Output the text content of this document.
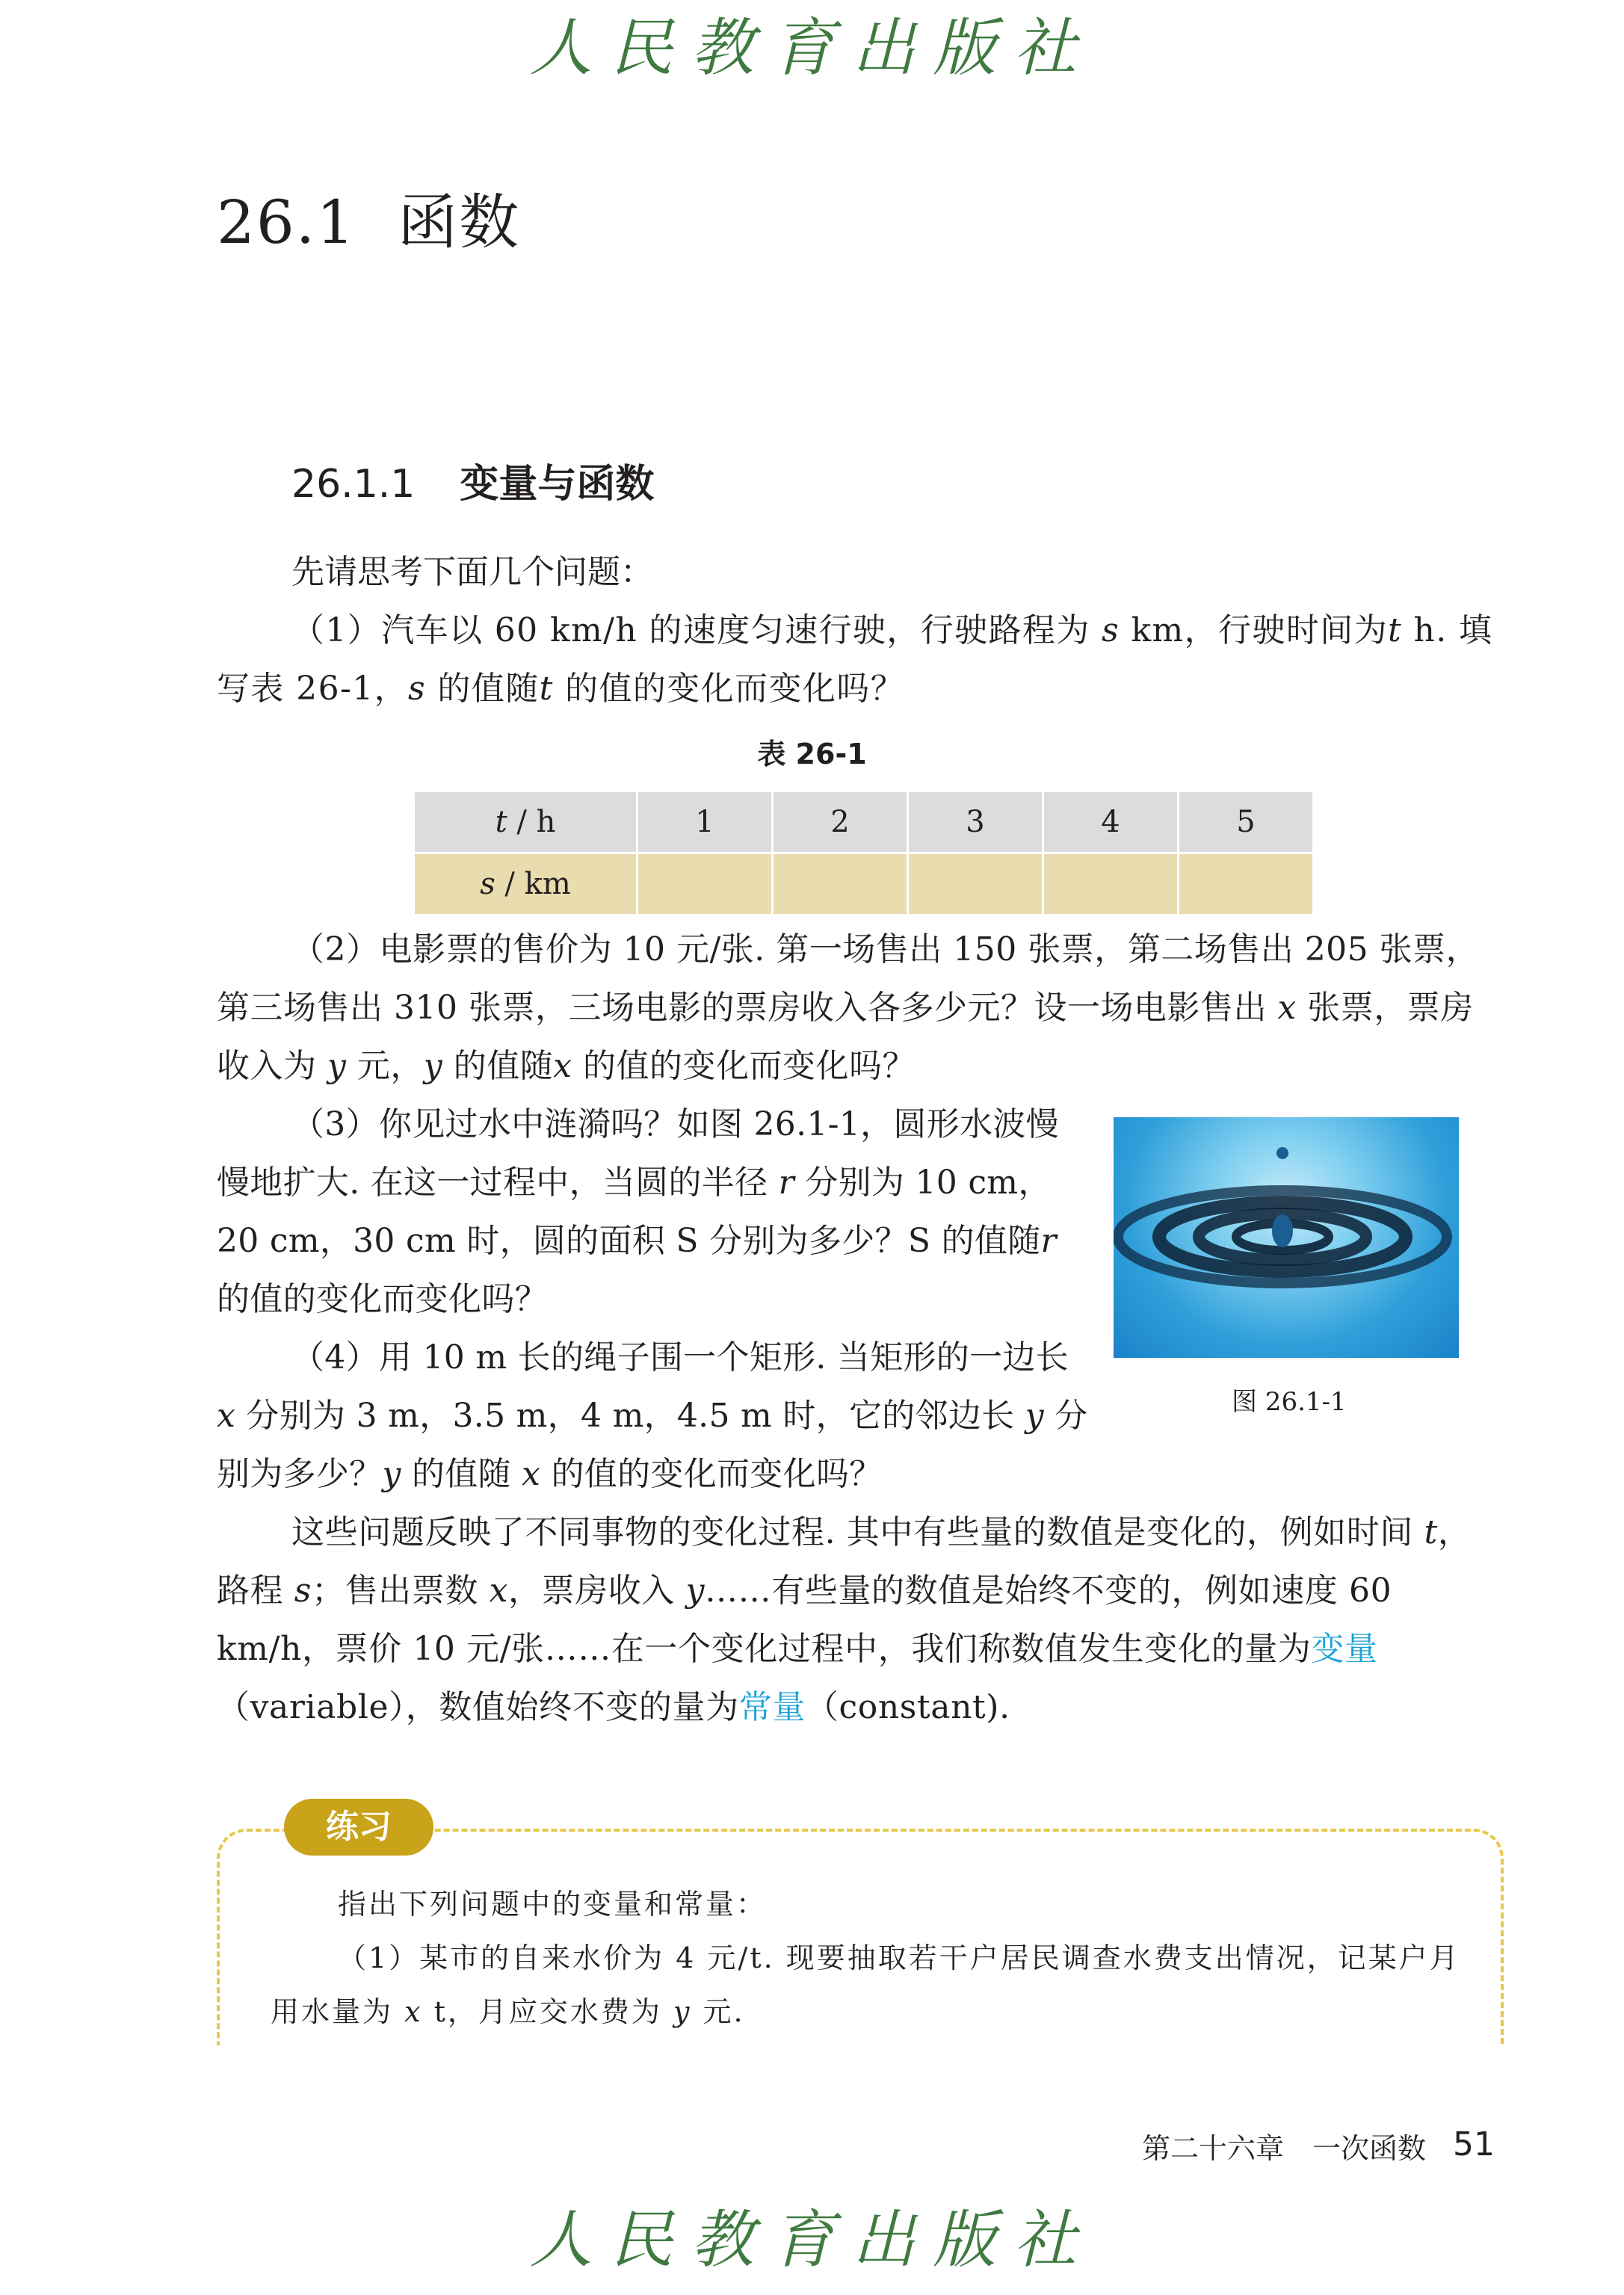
人民教育出版社
26.1 函数
26.1.1 变量与函数
先请思考下面几个问题：
（1）汽车以 60 km/h 的速度匀速行驶，行驶路程为 s km，行驶时间为t h. 填写表 26-1，s 的值随t 的值的变化而变化吗？
表 26-1
t / h	1	2	3	4	5
s / km					
（2）电影票的售价为 10 元/张. 第一场售出 150 张票，第二场售出 205 张票，第三场售出 310 张票，三场电影的票房收入各多少元？设一场电影售出 x 张票，票房收入为 y 元，y 的值随x 的值的变化而变化吗？
（3）你见过水中涟漪吗？如图 26.1-1，圆形水波慢慢地扩大. 在这一过程中，当圆的半径 r 分别为 10 cm，20 cm，30 cm 时，圆的面积 S 分别为多少？S 的值随r 的值的变化而变化吗？
（4）用 10 m 长的绳子围一个矩形. 当矩形的一边长 x 分别为 3 m，3.5 m，4 m，4.5 m 时，它的邻边长 y 分别为多少？y 的值随 x 的值的变化而变化吗？
图 26.1-1
这些问题反映了不同事物的变化过程. 其中有些量的数值是变化的，例如时间 t，路程 s；售出票数 x，票房收入 y……有些量的数值是始终不变的，例如速度 60 km/h，票价 10 元/张……在一个变化过程中，我们称数值发生变化的量为变量（variable），数值始终不变的量为常量（constant).
练习
指出下列问题中的变量和常量：
（1）某市的自来水价为 4 元/t. 现要抽取若干户居民调查水费支出情况，记某户月用水量为 x t，月应交水费为 y 元.
第二十六章　一次函数 51
人民教育出版社
